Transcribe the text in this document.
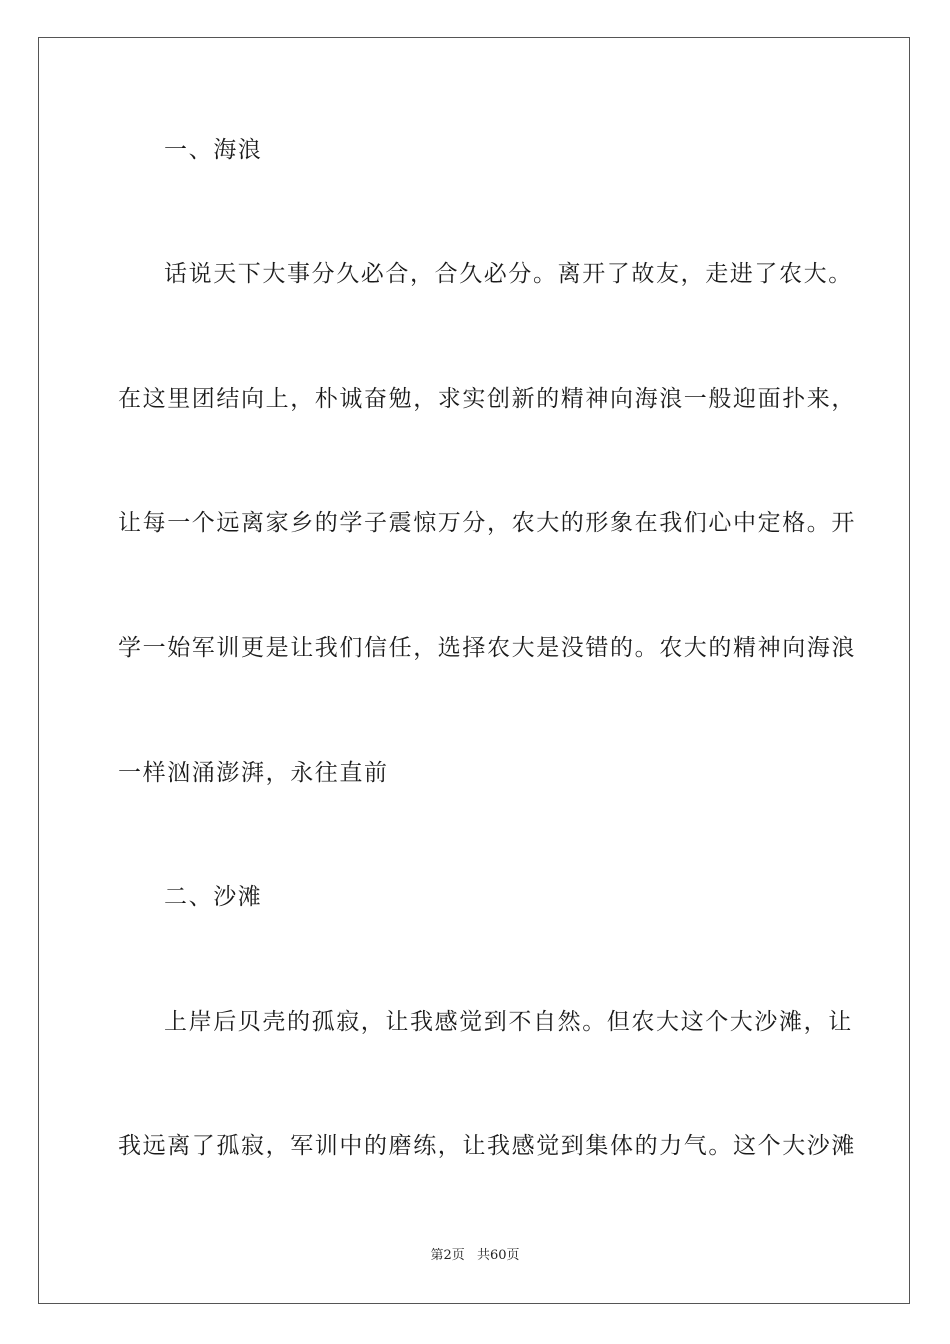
一、海浪
话说天下大事分久必合，合久必分。离开了故友，走进了农大。
在这里团结向上，朴诚奋勉，求实创新的精神向海浪一般迎面扑来，
让每一个远离家乡的学子震惊万分，农大的形象在我们心中定格。开
学一始军训更是让我们信任，选择农大是没错的。农大的精神向海浪
一样汹涌澎湃，永往直前
二、沙滩
上岸后贝壳的孤寂，让我感觉到不自然。但农大这个大沙滩，让
我远离了孤寂，军训中的磨练，让我感觉到集体的力气。这个大沙滩
第2页 共60页
